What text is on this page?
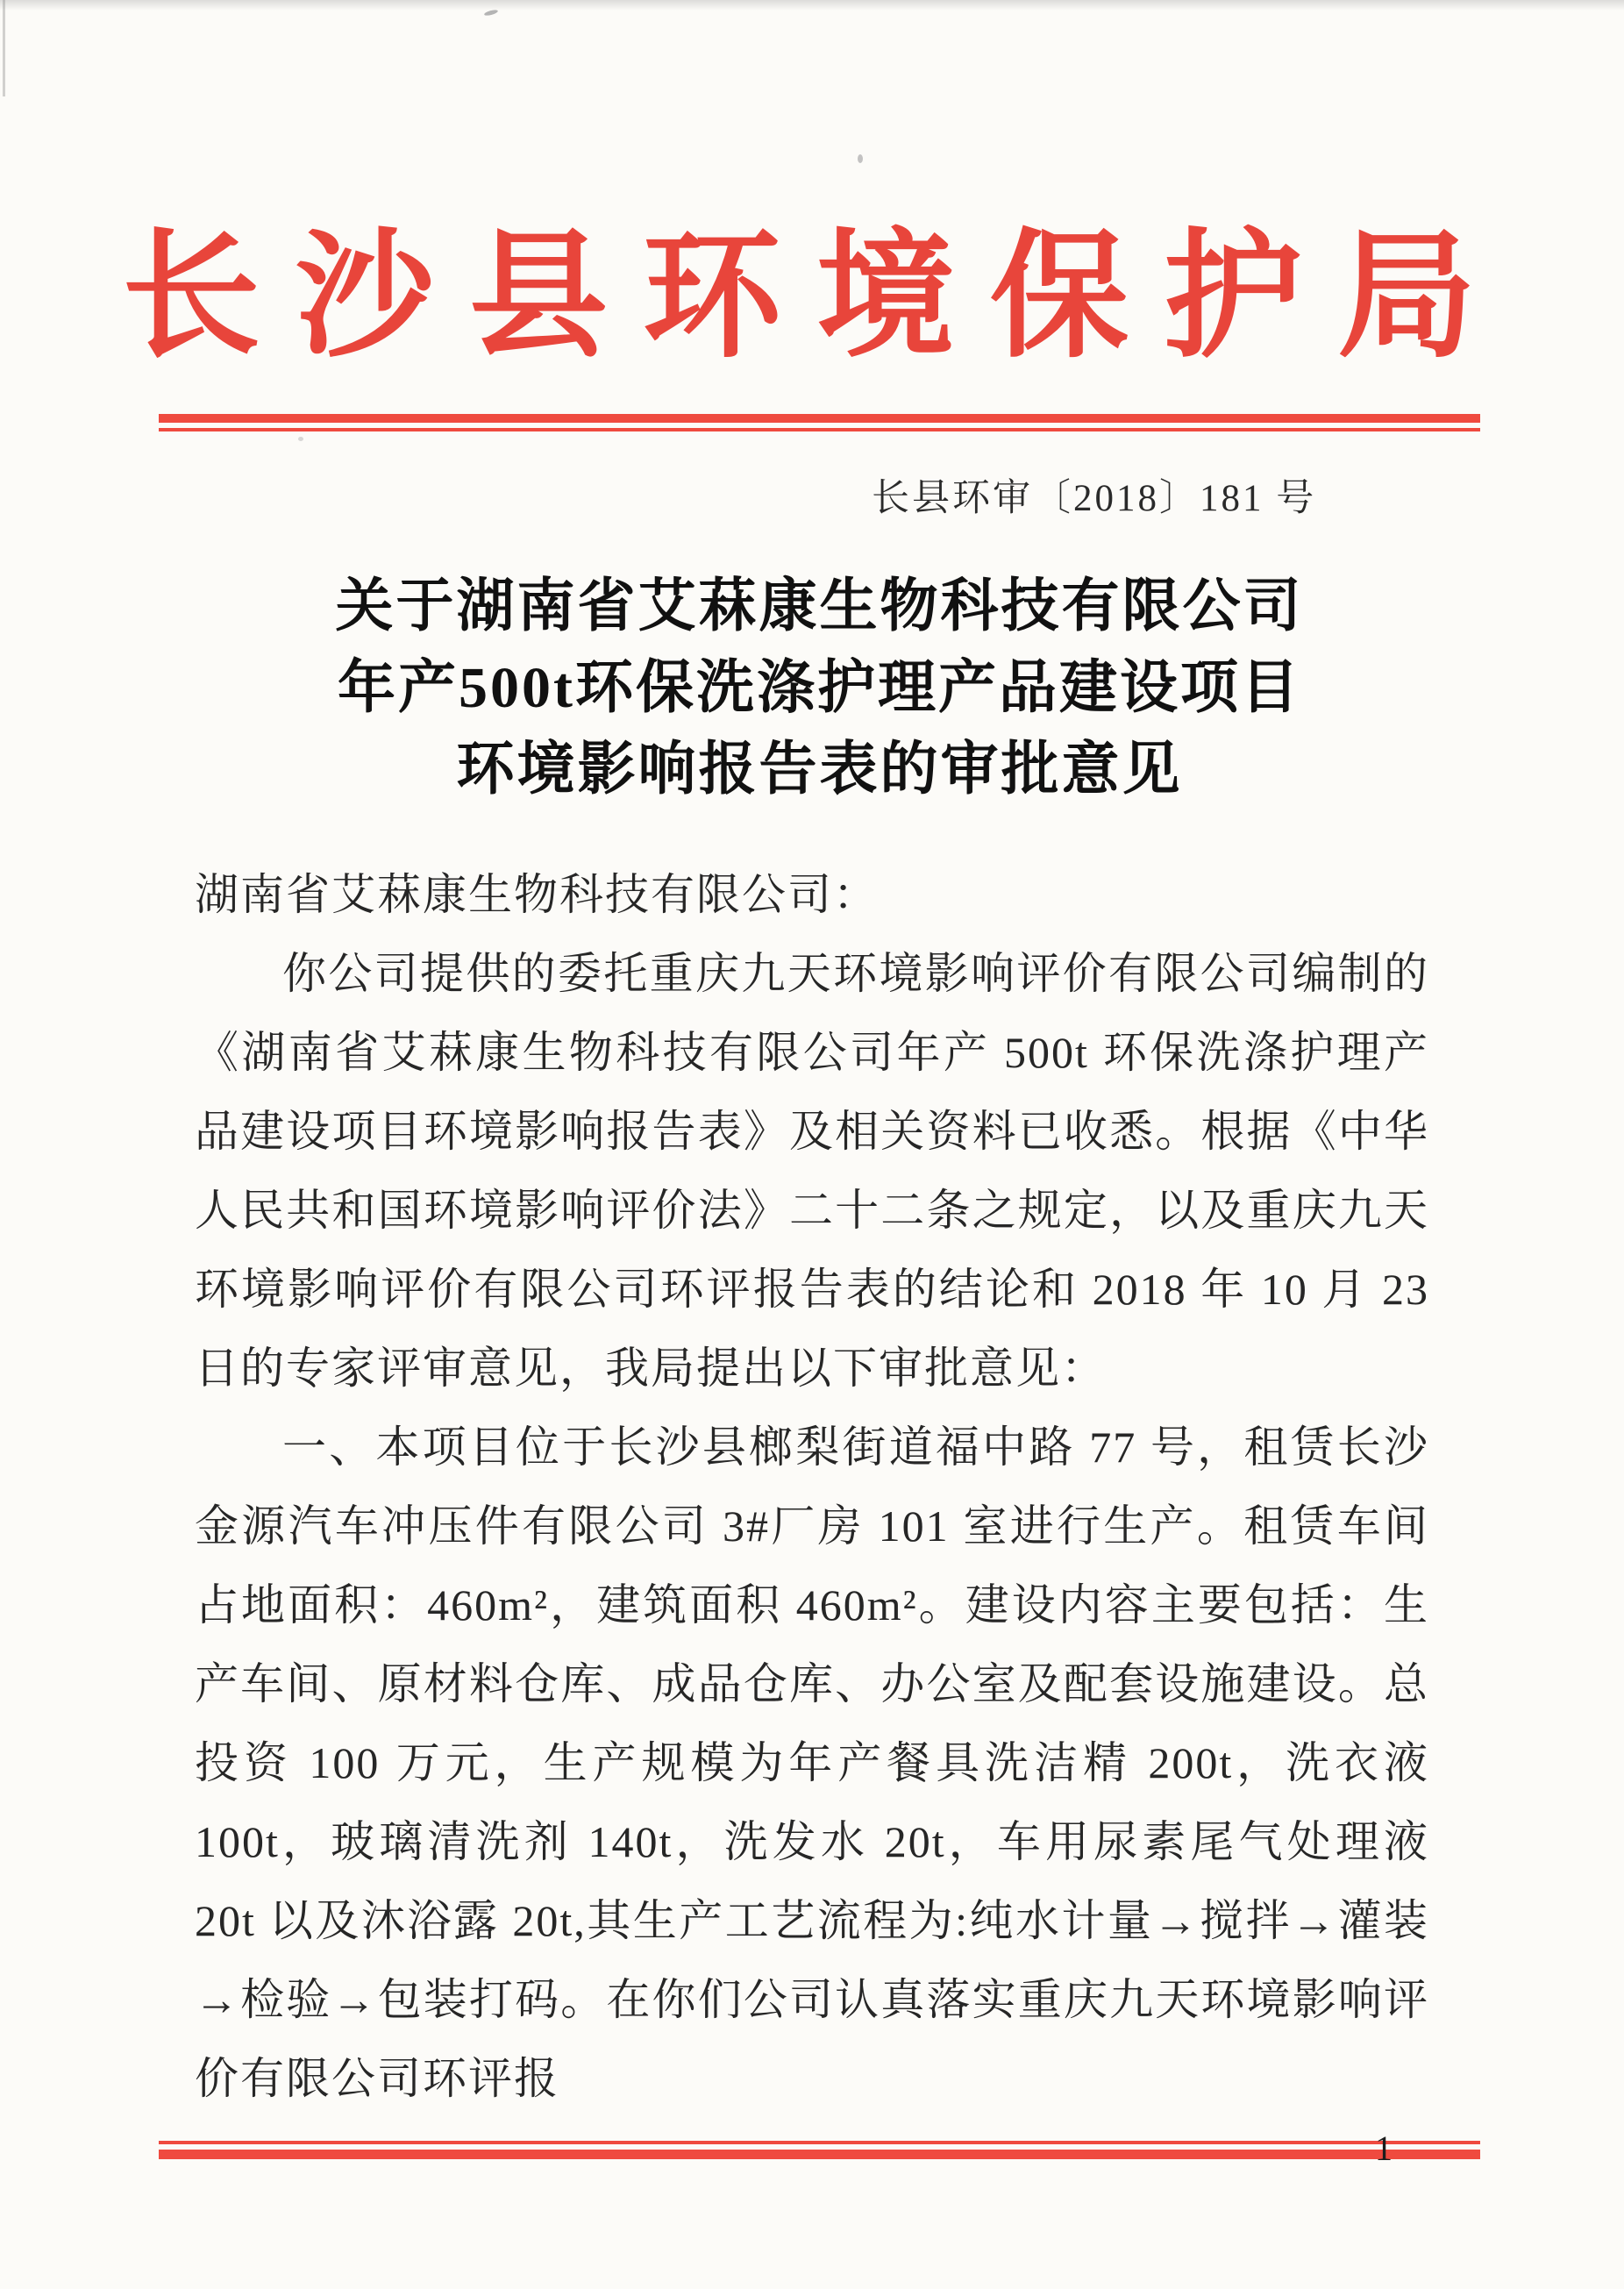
长沙县环境保护局
长县环审〔2018〕181 号
关于湖南省艾菻康生物科技有限公司
年产500t环保洗涤护理产品建设项目
环境影响报告表的审批意见

湖南省艾菻康生物科技有限公司：

你公司提供的委托重庆九天环境影响评价有限公司编制的《湖南省艾菻康生物科技有限公司年产 500t 环保洗涤护理产品建设项目环境影响报告表》及相关资料已收悉。根据《中华人民共和国环境影响评价法》二十二条之规定，以及重庆九天环境影响评价有限公司环评报告表的结论和 2018 年 10 月 23 日的专家评审意见，我局提出以下审批意见：

一、本项目位于长沙县榔梨街道福中路 77 号，租赁长沙金源汽车冲压件有限公司 3#厂房 101 室进行生产。租赁车间占地面积：460m²，建筑面积 460m²。建设内容主要包括：生产车间、原材料仓库、成品仓库、办公室及配套设施建设。总投资 100 万元，生产规模为年产餐具洗洁精 200t，洗衣液 100t，玻璃清洗剂 140t，洗发水 20t，车用尿素尾气处理液 20t 以及沐浴露 20t,其生产工艺流程为:纯水计量→搅拌→灌装→检验→包装打码。在你们公司认真落实重庆九天环境影响评价有限公司环评报

1
